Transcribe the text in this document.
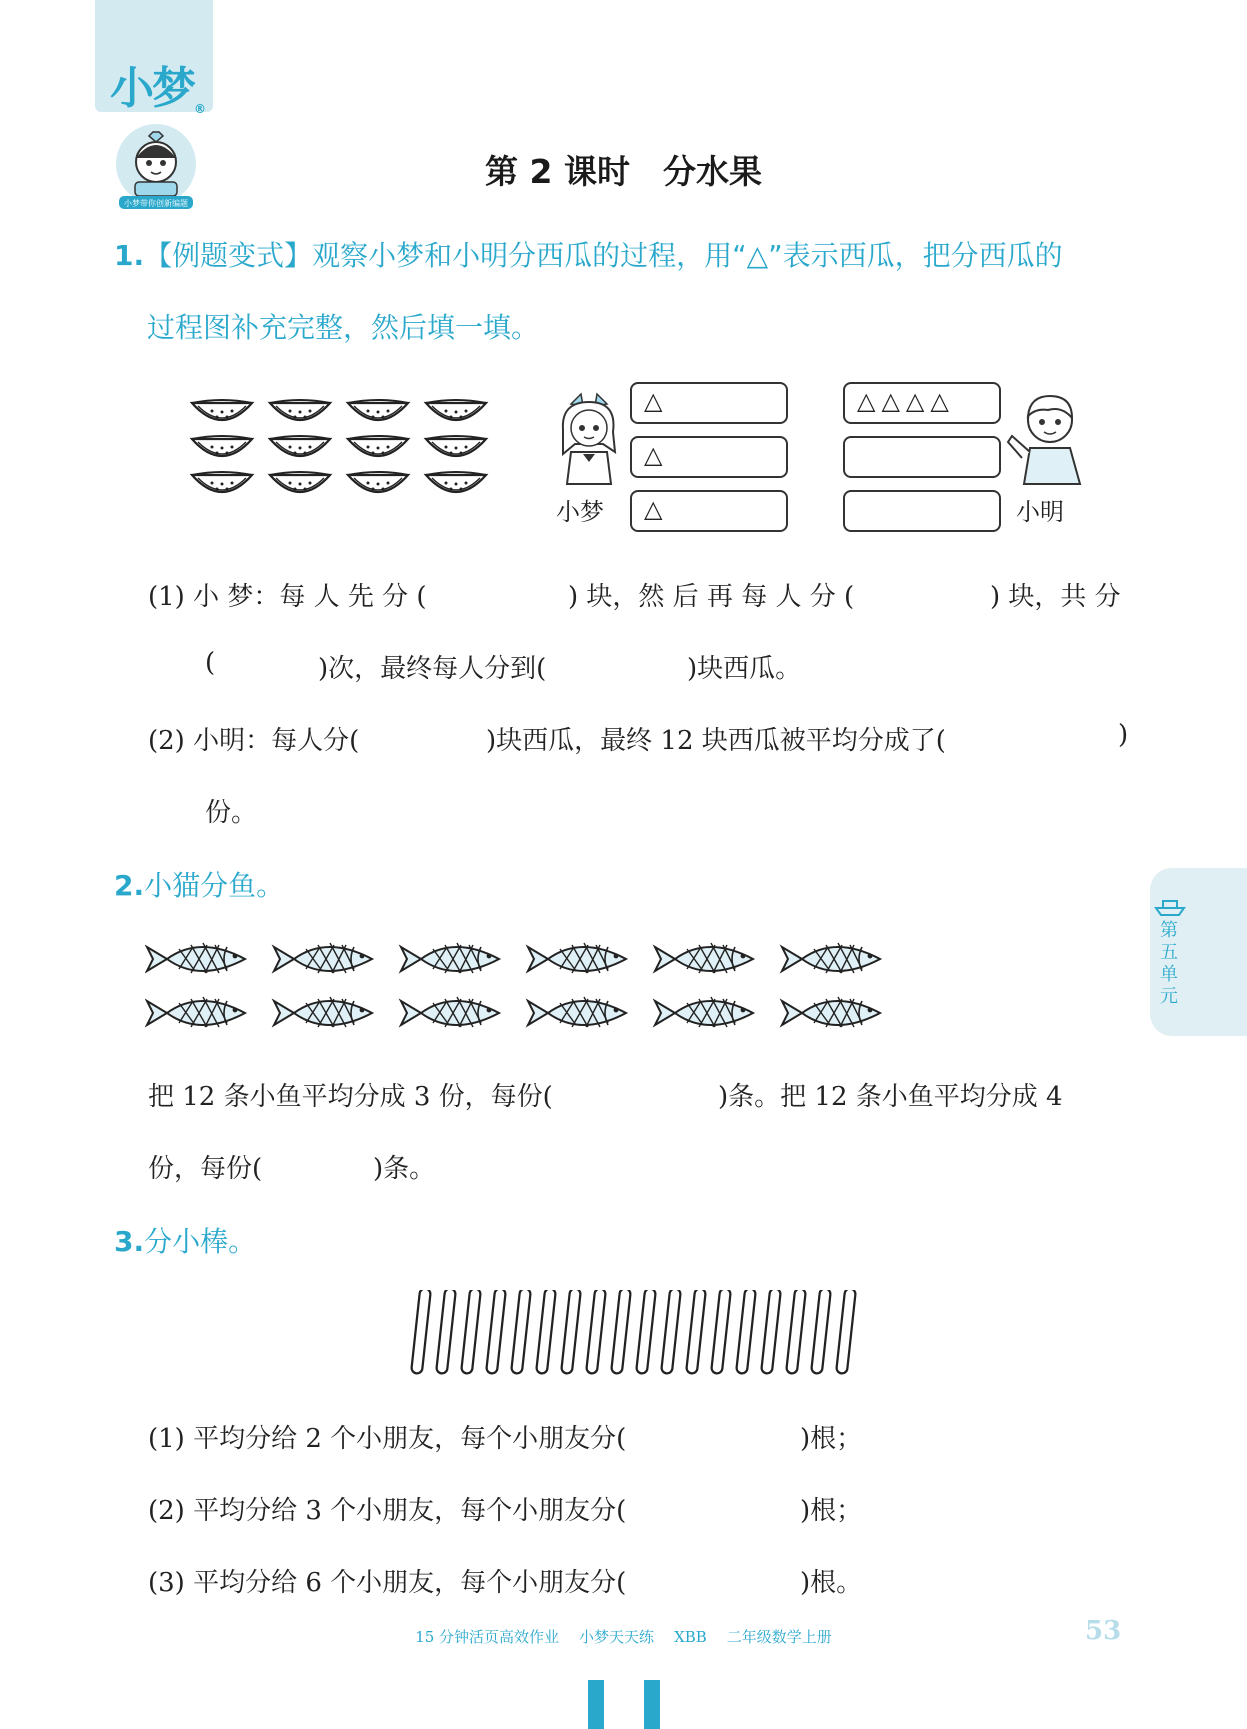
小梦®
小梦带你创新编题
第 2 课时　分水果
1.【例题变式】观察小梦和小明分西瓜的过程，用“△”表示西瓜，把分西瓜的
过程图补充完整，然后填一填。
小梦
△
△
△
△△△△
小明
(1) 小 梦：每 人 先 分 (	) 块，然 后 再 每 人 分 (	) 块，共 分
(	)次，最终每人分到(	)块西瓜。
(2) 小明：每人分(	)块西瓜，最终 12 块西瓜被平均分成了(	)
份。
2.小猫分鱼。
把 12 条小鱼平均分成 3 份，每份(	)条。把 12 条小鱼平均分成 4
份，每份(	)条。
3.分小棒。
(1) 平均分给 2 个小朋友，每个小朋友分(	)根；
(2) 平均分给 3 个小朋友，每个小朋友分(	)根；
(3) 平均分给 6 个小朋友，每个小朋友分(	)根。
第五单元
15 分钟活页高效作业 小梦天天练 XBB 二年级数学上册	53
